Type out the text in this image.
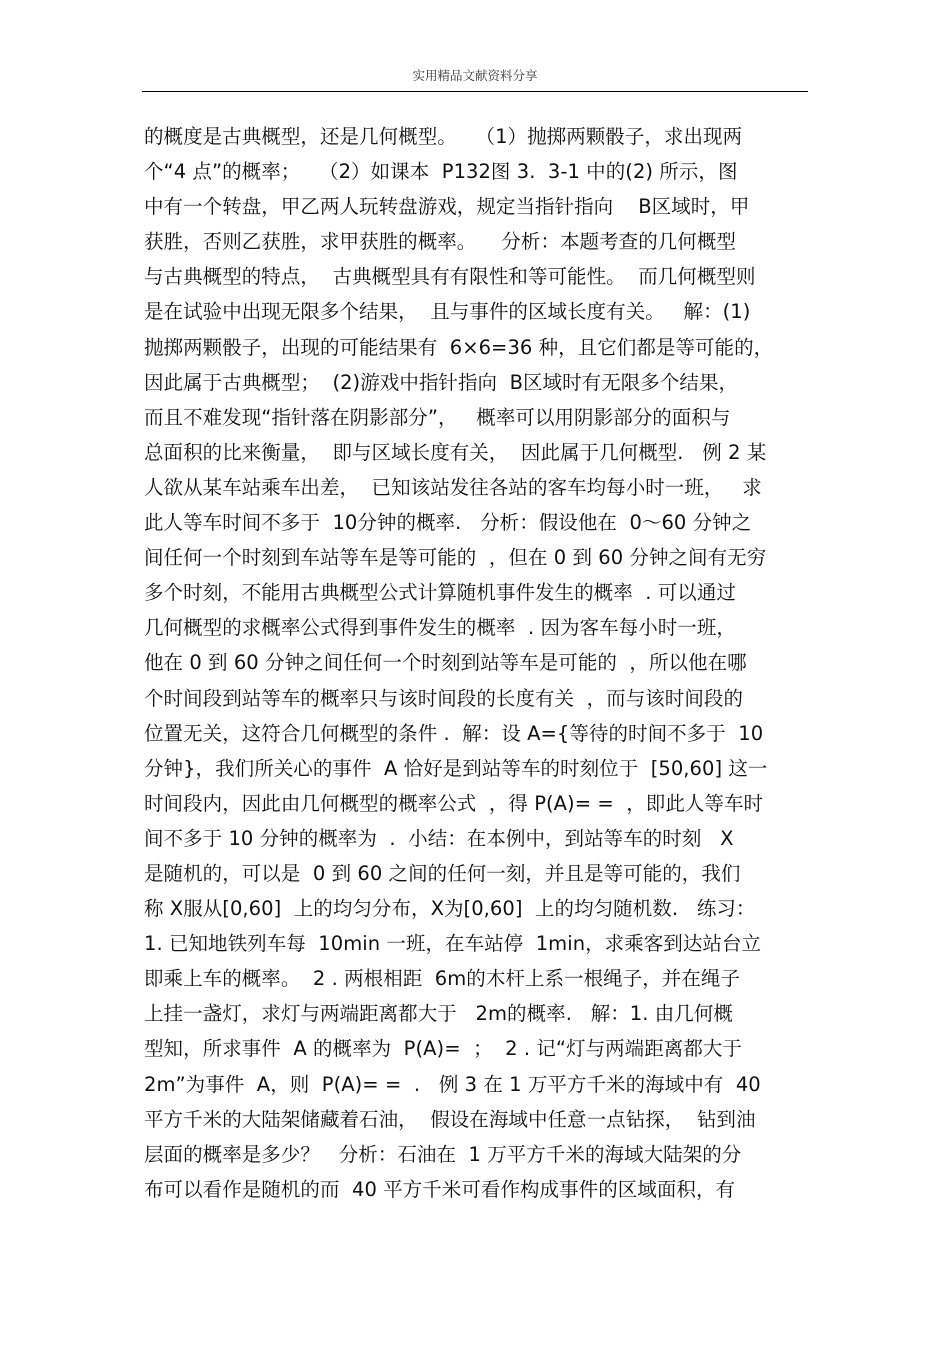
实用精品文献资料分享
的概度是古典概型，还是几何概型。   （1）抛掷两颗骰子，求出现两
个“4 点”的概率；   （2）如课本  P132图 3.  3-1 中的(2) 所示，图
中有一个转盘，甲乙两人玩转盘游戏，规定当指针指向    B区域时，甲
获胜，否则乙获胜，求甲获胜的概率。    分析：本题考查的几何概型
与古典概型的特点，  古典概型具有有限性和等可能性。  而几何概型则
是在试验中出现无限多个结果，  且与事件的区域长度有关。   解：(1)
抛掷两颗骰子，出现的可能结果有  6×6=36 种，且它们都是等可能的，
因此属于古典概型；  (2)游戏中指针指向  B区域时有无限多个结果，
而且不难发现“指针落在阴影部分”，   概率可以用阴影部分的面积与
总面积的比来衡量，  即与区域长度有关，  因此属于几何概型.   例 2 某
人欲从某车站乘车出差，  已知该站发往各站的客车均每小时一班，   求
此人等车时间不多于  10分钟的概率.   分析：假设他在  0～60 分钟之
间任何一个时刻到车站等车是等可能的  ，但在 0 到 60 分钟之间有无穷
多个时刻，不能用古典概型公式计算随机事件发生的概率  . 可以通过
几何概型的求概率公式得到事件发生的概率  . 因为客车每小时一班，
他在 0 到 60 分钟之间任何一个时刻到站等车是可能的  ，所以他在哪
个时间段到站等车的概率只与该时间段的长度有关  ，而与该时间段的
位置无关，这符合几何概型的条件 .  解：设 A={等待的时间不多于  10
分钟}，我们所关心的事件  A 恰好是到站等车的时刻位于  [50,60] 这一
时间段内，因此由几何概型的概率公式  ，得 P(A)= =  ，即此人等车时
间不多于 10 分钟的概率为  .  小结：在本例中，到站等车的时刻   X
是随机的，可以是  0 到 60 之间的任何一刻，并且是等可能的，我们
称 X服从[0,60]  上的均匀分布，X为[0,60]  上的均匀随机数.   练习：
1. 已知地铁列车每  10min 一班，在车站停  1min，求乘客到达站台立
即乘上车的概率。  2 . 两根相距  6m的木杆上系一根绳子，并在绳子
上挂一盏灯，求灯与两端距离都大于   2m的概率.   解：1. 由几何概
型知，所求事件  A 的概率为  P(A)=  ；  2 . 记“灯与两端距离都大于
2m”为事件  A，则  P(A)= =  .   例 3 在 1 万平方千米的海域中有  40
平方千米的大陆架储藏着石油，  假设在海域中任意一点钻探，  钻到油
层面的概率是多少？   分析：石油在  1 万平方千米的海域大陆架的分
布可以看作是随机的而  40 平方千米可看作构成事件的区域面积，有
